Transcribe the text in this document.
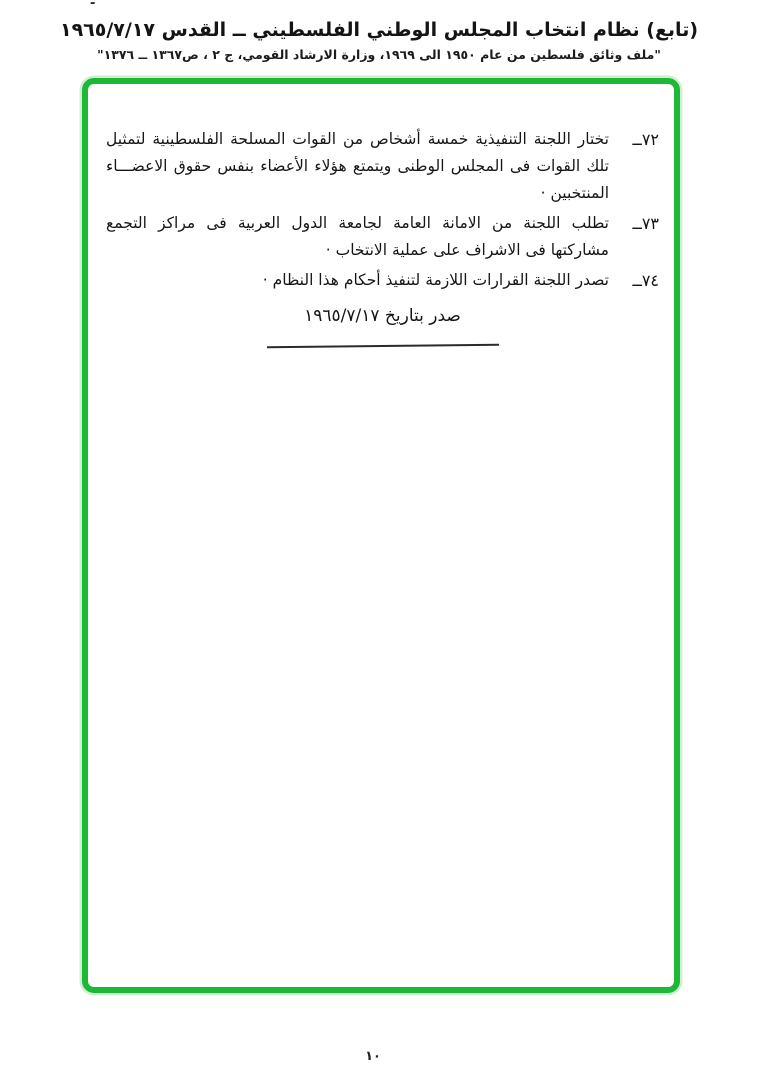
-
(تابع) نظام انتخاب المجلس الوطني الفلسطيني ــ القدس ١٩٦٥/٧/١٧
"ملف وثائق فلسطين من عام ١٩٥٠ الى ١٩٦٩، وزارة الارشاد القومي، ج ٢ ، ص١٣٦٧ ــ ١٣٧٦"
٧٢ــ

تختار اللجنة التنفيذية خمسة أشخاص من القوات المسلحة الفلسطينية لتمثيل تلك القوات فى المجلس الوطنى ويتمتع هؤلاء الأعضاء بنفس حقوق الاعضـــاء المنتخبين ·

٧٣ــ

تطلب اللجنة من الامانة العامة لجامعة الدول العربية فى مراكز التجمع مشاركتها فى الاشراف على عملية الانتخاب ·

٧٤ــ

تصدر اللجنة القرارات اللازمة لتنفيذ أحكام هذا النظام ·

صدر بتاريخ ١٩٦٥/٧/١٧
١٠
